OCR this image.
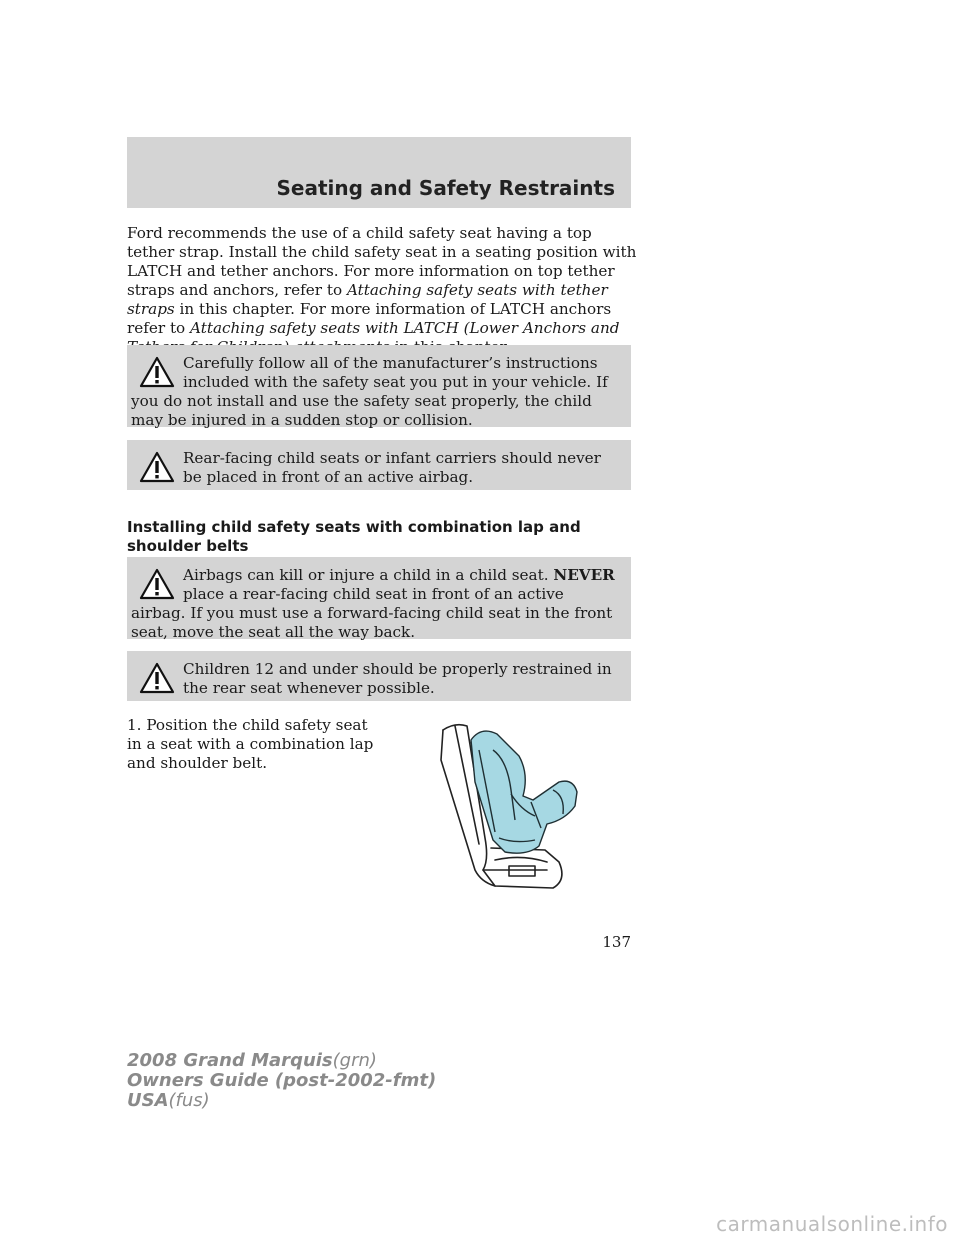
Seating and Safety Restraints

Ford recommends the use of a child safety seat having a top tether strap. Install the child safety seat in a seating position with LATCH and tether anchors. For more information on top tether straps and anchors, refer to Attaching safety seats with tether straps in this chapter. For more information of LATCH anchors refer to Attaching safety seats with LATCH (Lower Anchors and

Carefully follow all of the manufacturer’s instructions included with the safety seat you put in your vehicle. If you do not install and use the safety seat properly, the child may be injured in a sudden stop or collision.
Rear-facing child seats or infant carriers should never be placed in front of an active airbag.
Installing child safety seats with combination lap and shoulder belts
Airbags can kill or injure a child in a child seat. NEVER place a rear-facing child seat in front of an active airbag. If you must use a forward-facing child seat in the front seat, move the seat all the way back.
Children 12 and under should be properly restrained in the rear seat whenever possible.
1. Position the child safety seat in a seat with a combination lap and shoulder belt.
137
2008 Grand Marquis(grn)
Owners Guide (post-2002-fmt)
USA(fus)
carmanualsonline.info
